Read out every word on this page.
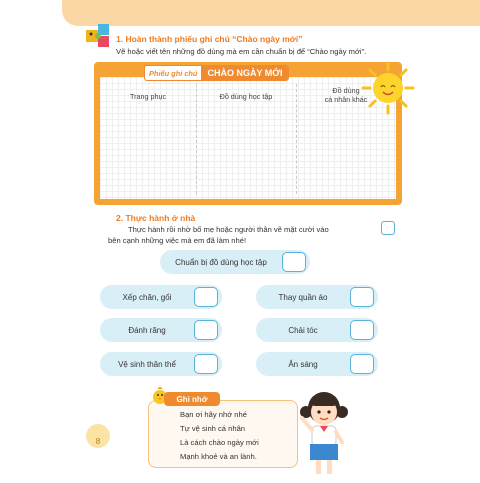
1. Hoàn thành phiếu ghi chú “Chào ngày mới”
Vẽ hoặc viết tên những đồ dùng mà em cần chuẩn bị để “Chào ngày mới”.
Phiếu ghi chú	CHÀO NGÀY MỚI
Trang phục	Đồ dùng học tập
Đồ dùng
cá nhân khác
2. Thực hành ở nhà
Thực hành rồi nhờ bố mẹ hoặc người thân vẽ mặt cười vào
bên cạnh những việc mà em đã làm nhé!
Chuẩn bị đồ dùng học tập
Xếp chăn, gối	Thay quần áo
Đánh răng	Chải tóc
Vệ sinh thân thể	Ăn sáng
Ghi nhớ
Bạn ơi hãy nhớ nhé
Tự vệ sinh cá nhân
Là cách chào ngày mới
Mạnh khoẻ và an lành.
8
